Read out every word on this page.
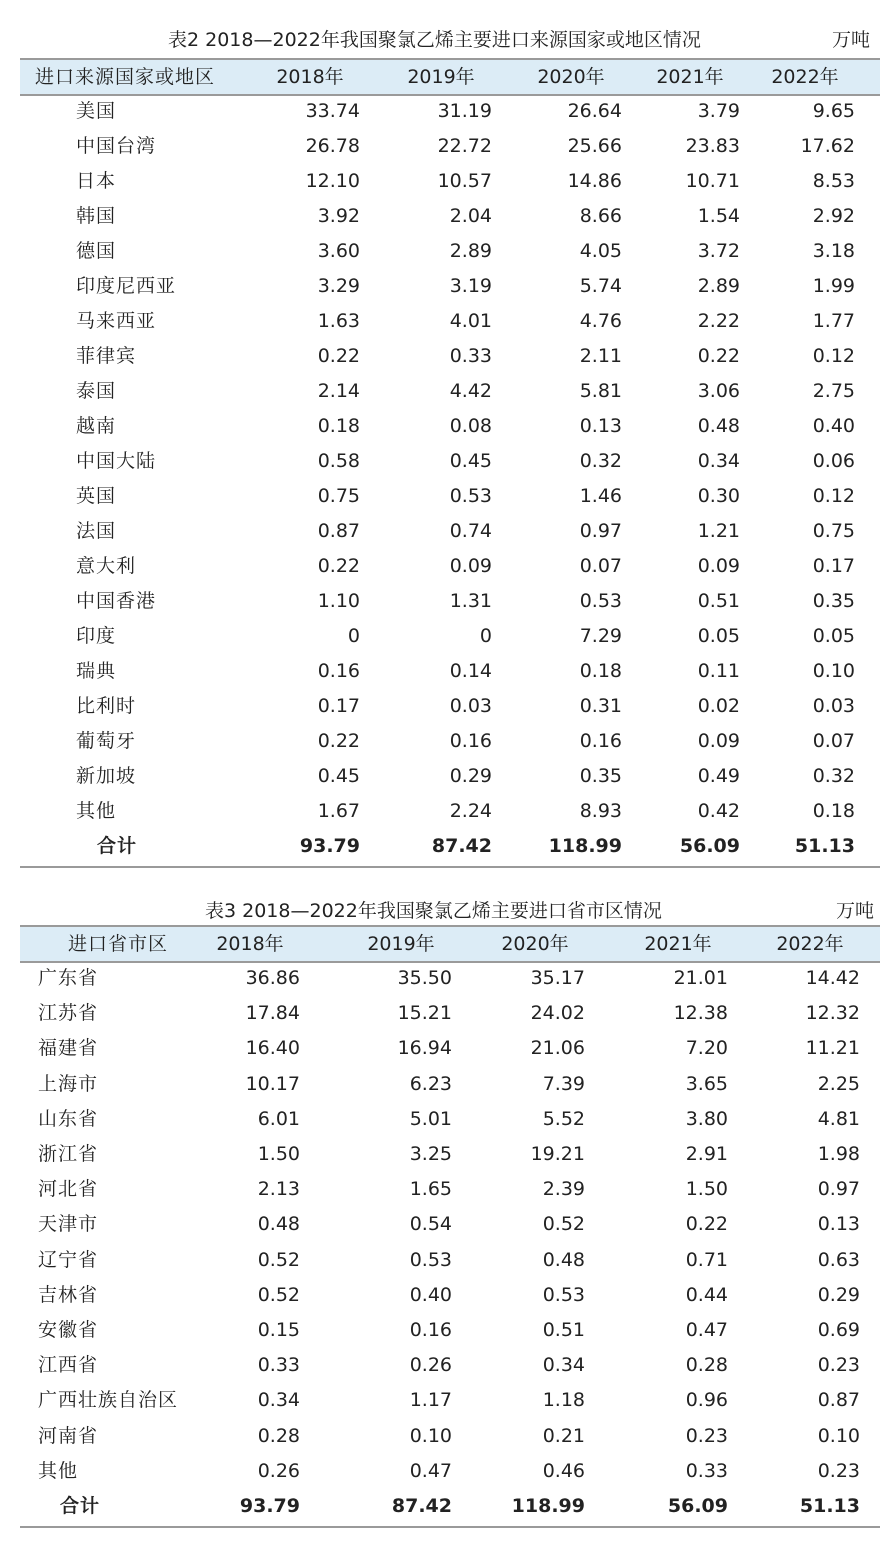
表2 2018—2022年我国聚氯乙烯主要进口来源国家或地区情况	万吨
进口来源国家或地区	2018年	2019年	2020年	2021年	2022年
美国	33.74	31.19	26.64	3.79	9.65
中国台湾	26.78	22.72	25.66	23.83	17.62
日本	12.10	10.57	14.86	10.71	8.53
韩国	3.92	2.04	8.66	1.54	2.92
德国	3.60	2.89	4.05	3.72	3.18
印度尼西亚	3.29	3.19	5.74	2.89	1.99
马来西亚	1.63	4.01	4.76	2.22	1.77
菲律宾	0.22	0.33	2.11	0.22	0.12
泰国	2.14	4.42	5.81	3.06	2.75
越南	0.18	0.08	0.13	0.48	0.40
中国大陆	0.58	0.45	0.32	0.34	0.06
英国	0.75	0.53	1.46	0.30	0.12
法国	0.87	0.74	0.97	1.21	0.75
意大利	0.22	0.09	0.07	0.09	0.17
中国香港	1.10	1.31	0.53	0.51	0.35
印度	0	0	7.29	0.05	0.05
瑞典	0.16	0.14	0.18	0.11	0.10
比利时	0.17	0.03	0.31	0.02	0.03
葡萄牙	0.22	0.16	0.16	0.09	0.07
新加坡	0.45	0.29	0.35	0.49	0.32
其他	1.67	2.24	8.93	0.42	0.18
合计	93.79	87.42	118.99	56.09	51.13
表3 2018—2022年我国聚氯乙烯主要进口省市区情况	万吨
进口省市区	2018年	2019年	2020年	2021年	2022年
广东省	36.86	35.50	35.17	21.01	14.42
江苏省	17.84	15.21	24.02	12.38	12.32
福建省	16.40	16.94	21.06	7.20	11.21
上海市	10.17	6.23	7.39	3.65	2.25
山东省	6.01	5.01	5.52	3.80	4.81
浙江省	1.50	3.25	19.21	2.91	1.98
河北省	2.13	1.65	2.39	1.50	0.97
天津市	0.48	0.54	0.52	0.22	0.13
辽宁省	0.52	0.53	0.48	0.71	0.63
吉林省	0.52	0.40	0.53	0.44	0.29
安徽省	0.15	0.16	0.51	0.47	0.69
江西省	0.33	0.26	0.34	0.28	0.23
广西壮族自治区	0.34	1.17	1.18	0.96	0.87
河南省	0.28	0.10	0.21	0.23	0.10
其他	0.26	0.47	0.46	0.33	0.23
合计	93.79	87.42	118.99	56.09	51.13
